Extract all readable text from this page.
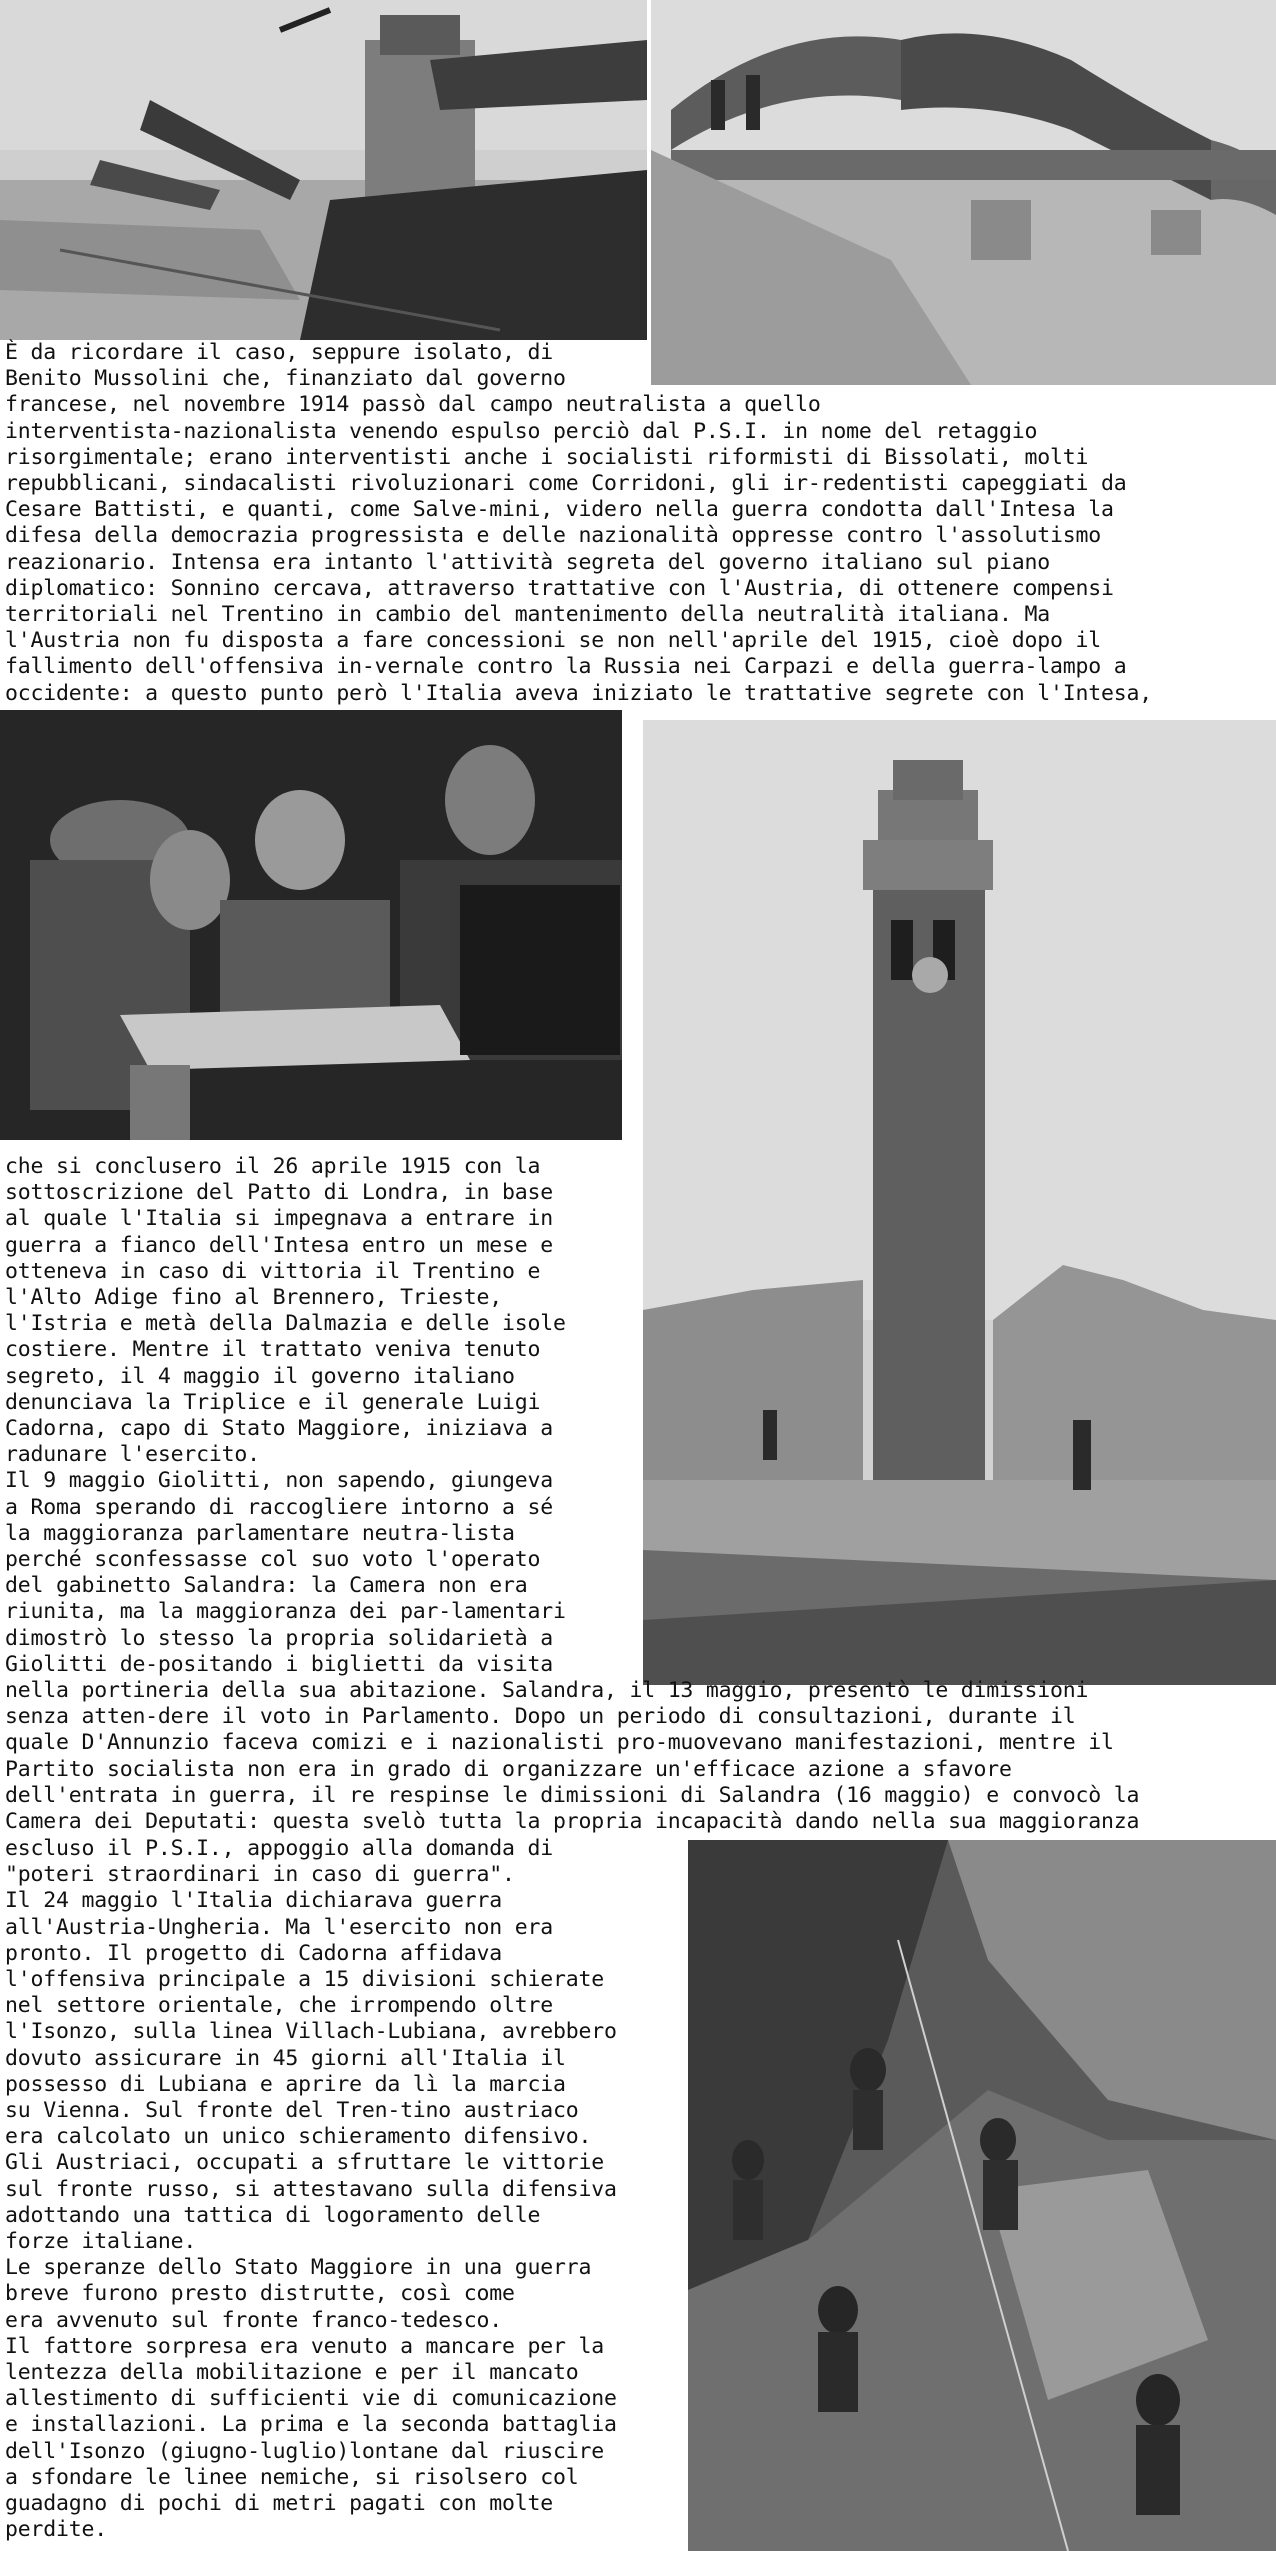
È da ricordare il caso, seppure isolato, di
Benito Mussolini che, finanziato dal governo
francese, nel novembre 1914 passò dal campo neutralista a quello
interventista-nazionalista venendo espulso perciò dal P.S.I. in nome del retaggio
risorgimentale; erano interventisti anche i socialisti riformisti di Bissolati, molti
repubblicani, sindacalisti rivoluzionari come Corridoni, gli ir-redentisti capeggiati da
Cesare Battisti, e quanti, come Salve-mini, videro nella guerra condotta dall'Intesa la
difesa della democrazia progressista e delle nazionalità oppresse contro l'assolutismo
reazionario. Intensa era intanto l'attività segreta del governo italiano sul piano
diplomatico: Sonnino cercava, attraverso trattative con l'Austria, di ottenere compensi
territoriali nel Trentino in cambio del mantenimento della neutralità italiana. Ma
l'Austria non fu disposta a fare concessioni se non nell'aprile del 1915, cioè dopo il
fallimento dell'offensiva in-vernale contro la Russia nei Carpazi e della guerra-lampo a
occidente: a questo punto però l'Italia aveva iniziato le trattative segrete con l'Intesa,
che si conclusero il 26 aprile 1915 con la
sottoscrizione del Patto di Londra, in base
al quale l'Italia si impegnava a entrare in
guerra a fianco dell'Intesa entro un mese e
otteneva in caso di vittoria il Trentino e
l'Alto Adige fino al Brennero, Trieste,
l'Istria e metà della Dalmazia e delle isole
costiere. Mentre il trattato veniva tenuto
segreto, il 4 maggio il governo italiano
denunciava la Triplice e il generale Luigi
Cadorna, capo di Stato Maggiore, iniziava a
radunare l'esercito.
Il 9 maggio Giolitti, non sapendo, giungeva
a Roma sperando di raccogliere intorno a sé
la maggioranza parlamentare neutra-lista
perché sconfessasse col suo voto l'operato
del gabinetto Salandra: la Camera non era
riunita, ma la maggioranza dei par-lamentari
dimostrò lo stesso la propria solidarietà a
Giolitti de-positando i biglietti da visita
nella portineria della sua abitazione. Salandra, il 13 maggio, presentò le dimissioni
senza atten-dere il voto in Parlamento. Dopo un periodo di consultazioni, durante il
quale D'Annunzio faceva comizi e i nazionalisti pro-muovevano manifestazioni, mentre il
Partito socialista non era in grado di organizzare un'efficace azione a sfavore
dell'entrata in guerra, il re respinse le dimissioni di Salandra (16 maggio) e convocò la
Camera dei Deputati: questa svelò tutta la propria incapacità dando nella sua maggioranza
escluso il P.S.I., appoggio alla domanda di
"poteri straordinari in caso di guerra".
Il 24 maggio l'Italia dichiarava guerra
all'Austria-Ungheria. Ma l'esercito non era
pronto. Il progetto di Cadorna affidava
l'offensiva principale a 15 divisioni schierate
nel settore orientale, che irrompendo oltre
l'Isonzo, sulla linea Villach-Lubiana, avrebbero
dovuto assicurare in 45 giorni all'Italia il
possesso di Lubiana e aprire da lì la marcia
su Vienna. Sul fronte del Tren-tino austriaco
era calcolato un unico schieramento difensivo.
Gli Austriaci, occupati a sfruttare le vittorie
sul fronte russo, si attestavano sulla difensiva
adottando una tattica di logoramento delle
forze italiane.
Le speranze dello Stato Maggiore in una guerra
breve furono presto distrutte, così come
era avvenuto sul fronte franco-tedesco.
Il fattore sorpresa era venuto a mancare per la
lentezza della mobilitazione e per il mancato
allestimento di sufficienti vie di comunicazione
e installazioni. La prima e la seconda battaglia
dell'Isonzo (giugno-luglio)lontane dal riuscire
a sfondare le linee nemiche, si risolsero col
guadagno di pochi di metri pagati con molte
perdite.
